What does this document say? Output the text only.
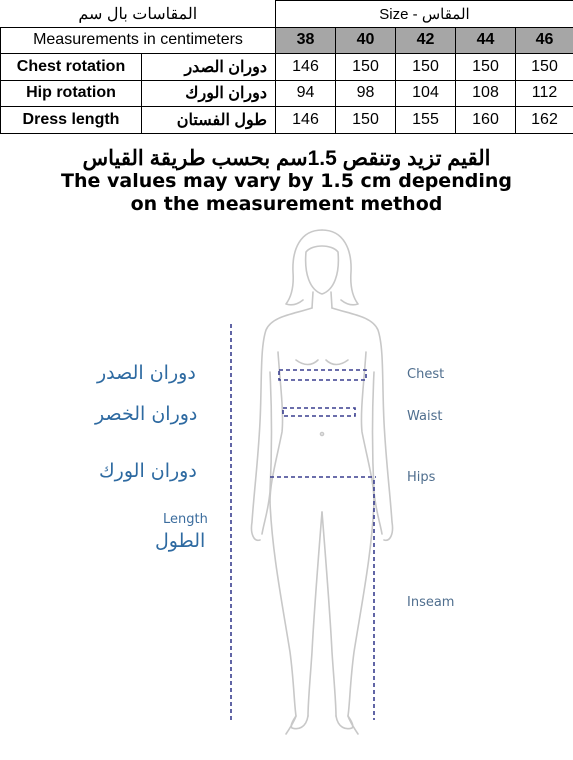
المقاسات بال سم		Size - المقاس				
Measurements in centimeters		38	40	42	44	46
Chest rotation	دوران الصدر	146	150	150	150	150
Hip rotation	دوران الورك	94	98	104	108	112
Dress length	طول الفستان	146	150	155	160	162
القيم تزيد وتنقص 1.5سم بحسب طريقة القياس
The values may vary by 1.5 cm depending
on the measurement method
دوران الصدر
دوران الخصر
دوران الورك
Length
الطول
Chest
Waist
Hips
Inseam
